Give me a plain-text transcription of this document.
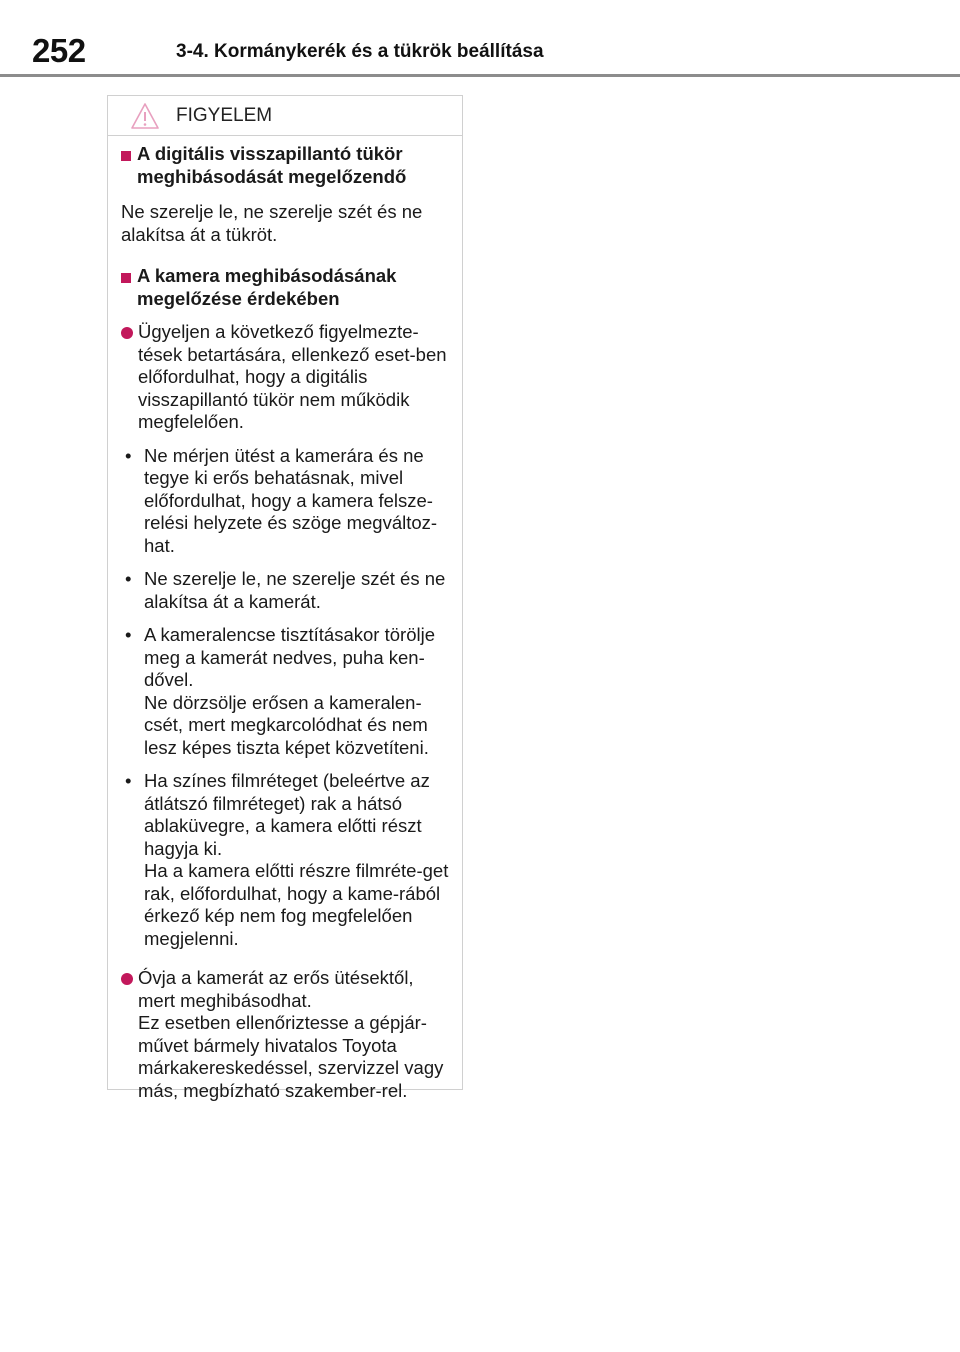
252	3-4. Kormánykerék és a tükrök beállítása
FIGYELEM
A digitális visszapillantó tükör meghibásodását megelőzendő
Ne szerelje le, ne szerelje szét és ne alakítsa át a tükröt.
A kamera meghibásodásának megelőzése érdekében
Ügyeljen a következő figyelmezte-tések betartására, ellenkező eset-ben előfordulhat, hogy a digitális visszapillantó tükör nem működik megfelelően.
• Ne mérjen ütést a kamerára és ne tegye ki erős behatásnak, mivel előfordulhat, hogy a kamera felsze-relési helyzete és szöge megváltoz-hat.
• Ne szerelje le, ne szerelje szét és ne alakítsa át a kamerát.
• A kameralencse tisztításakor törölje meg a kamerát nedves, puha ken-dővel.
Ne dörzsölje erősen a kameralen-csét, mert megkarcolódhat és nem lesz képes tiszta képet közvetíteni.
• Ha színes filmréteget (beleértve az átlátszó filmréteget) rak a hátsó ablaküvegre, a kamera előtti részt hagyja ki.
Ha a kamera előtti részre filmréte-get rak, előfordulhat, hogy a kame-rából érkező kép nem fog megfelelően megjelenni.
Óvja a kamerát az erős ütésektől, mert meghibásodhat.
Ez esetben ellenőriztesse a gépjár-művet bármely hivatalos Toyota márkakereskedéssel, szervizzel vagy más, megbízható szakember-rel.
